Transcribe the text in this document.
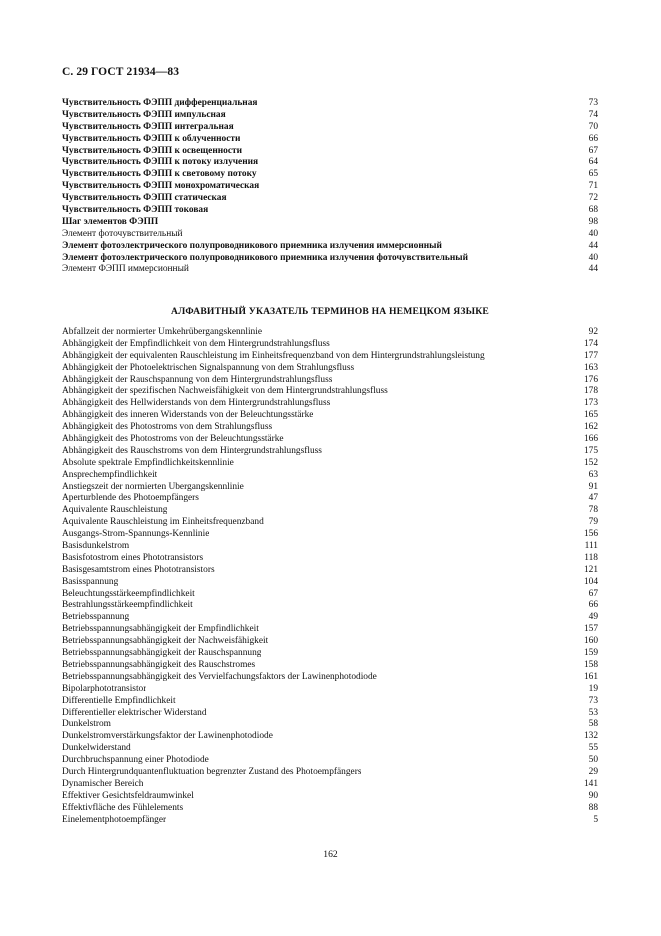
С. 29 ГОСТ 21934—83
Чувствительность ФЭПП дифференциальная	73
Чувствительность ФЭПП импульсная	74
Чувствительность ФЭПП интегральная	70
Чувствительность ФЭПП к облученности	66
Чувствительность ФЭПП к освещенности	67
Чувствительность ФЭПП к потоку излучения	64
Чувствительность ФЭПП к световому потоку	65
Чувствительность ФЭПП монохроматическая	71
Чувствительность ФЭПП статическая	72
Чувствительность ФЭПП токовая	68
Шаг элементов ФЭПП	98
Элемент фоточувствительный	40
Элемент фотоэлектрического полупроводникового приемника излучения иммерсионный	44
Элемент фотоэлектрического полупроводникового приемника излучения фоточувствительный	40
Элемент ФЭПП иммерсионный	44
АЛФАВИТНЫЙ УКАЗАТЕЛЬ ТЕРМИНОВ НА НЕМЕЦКОМ ЯЗЫКЕ
Abfallzeit der normierter Umkehrübergangskennlinie	92
Abhängigkeit der Empfindlichkeit von dem Hintergrundstrahlungsfluss	174
Abhängigkeit der equivalenten Rauschleistung im Einheitsfrequenzband von dem Hintergrundstrahlungsleistung	177
Abhängigkeit der Photoelektrischen Signalspannung von dem Strahlungsfluss	163
Abhängigkeit der Rauschspannung von dem Hintergrundstrahlungsfluss	176
Abhängigkeit der spezifischen Nachweisfähigkeit von dem Hintergrundstrahlungsfluss	178
Abhängigkeit des Hellwiderstands von dem Hintergrundstrahlungsfluss	173
Abhängigkeit des inneren Widerstands von der Beleuchtungsstärke	165
Abhängigkeit des Photostroms von dem Strahlungsfluss	162
Abhängigkeit des Photostroms von der Beleuchtungsstärke	166
Abhängigkeit des Rauschstroms von dem Hintergrundstrahlungsfluss	175
Absolute spektrale Empfindlichkeitskennlinie	152
Ansprechempfindlichkeit	63
Anstiegszeit der normierten Übergangskennlinie	91
Aperturblende des Photoempfängers	47
Äquivalente Rauschleistung	78
Äquivalente Rauschleistung im Einheitsfrequenzband	79
Ausgangs-Strom-Spannungs-Kennlinie	156
Basisdunkelstrom	111
Basisfotostrom eines Phototransistors	118
Basisgesamtstrom eines Phototransistors	121
Basisspannung	104
Beleuchtungsstärkeempfindlichkeit	67
Bestrahlungsstärkeempfindlichkeit	66
Betriebsspannung	49
Betriebsspannungsabhängigkeit der Empfindlichkeit	157
Betriebsspannungsabhängigkeit der Nachweisfähigkeit	160
Betriebsspannungsabhängigkeit der Rauschspannung	159
Betriebsspannungsabhängigkeit des Rauschstromes	158
Betriebsspannungsabhängigkeit des Vervielfachungsfaktors der Lawinenphotodiode	161
Bipolarphototransistor	19
Differentielle Empfindlichkeit	73
Differentieller elektrischer Widerstand	53
Dunkelstrom	58
Dunkelstromverstärkungsfaktor der Lawinenphotodiode	132
Dunkelwiderstand	55
Durchbruchspannung einer Photodiode	50
Durch Hintergrundquantenfluktuation begrenzter Zustand des Photoempfängers	29
Dynamischer Bereich	141
Effektiver Gesichtsfeldraumwinkel	90
Effektivfläche des Fühlelements	88
Einelementphotoempfänger	5
162
